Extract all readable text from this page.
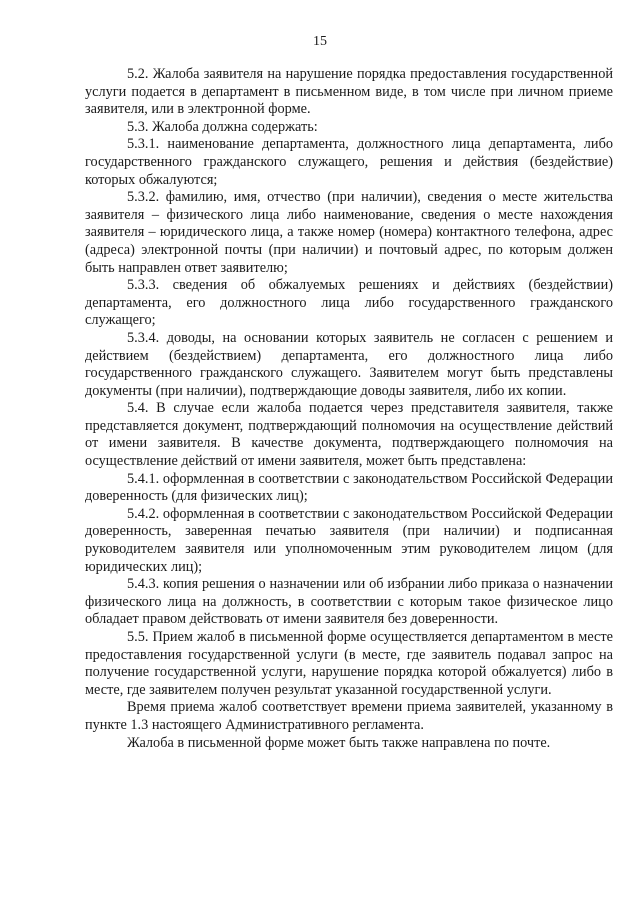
15

5.2. Жалоба заявителя на нарушение порядка предоставления государственной услуги подается в департамент в письменном виде, в том числе при личном приеме заявителя, или в электронной форме.

5.3. Жалоба должна содержать:

5.3.1. наименование департамента, должностного лица департамента, либо государственного гражданского служащего, решения и действия (бездействие) которых обжалуются;

5.3.2. фамилию, имя, отчество (при наличии), сведения о месте жительства заявителя – физического лица либо наименование, сведения о месте нахождения заявителя – юридического лица, а также номер (номера) контактного телефона, адрес (адреса) электронной почты (при наличии) и почтовый адрес, по которым должен быть направлен ответ заявителю;

5.3.3. сведения об обжалуемых решениях и действиях (бездействии) департамента, его должностного лица либо государственного гражданского служащего;

5.3.4. доводы, на основании которых заявитель не согласен с решением и действием (бездействием) департамента, его должностного лица либо государственного гражданского служащего. Заявителем могут быть представлены документы (при наличии), подтверждающие доводы заявителя, либо их копии.

5.4. В случае если жалоба подается через представителя заявителя, также представляется документ, подтверждающий полномочия на осуществление действий от имени заявителя. В качестве документа, подтверждающего полномочия на осуществление действий от имени заявителя, может быть представлена:

5.4.1. оформленная в соответствии с законодательством Российской Федерации доверенность (для физических лиц);

5.4.2. оформленная в соответствии с законодательством Российской Федерации доверенность, заверенная печатью заявителя (при наличии) и подписанная руководителем заявителя или уполномоченным этим руководителем лицом (для юридических лиц);

5.4.3. копия решения о назначении или об избрании либо приказа о назначении физического лица на должность, в соответствии с которым такое физическое лицо обладает правом действовать от имени заявителя без доверенности.

5.5. Прием жалоб в письменной форме осуществляется департаментом в месте предоставления государственной услуги (в месте, где заявитель подавал запрос на получение государственной услуги, нарушение порядка которой обжалуется) либо в месте, где заявителем получен результат указанной государственной услуги.

Время приема жалоб соответствует времени приема заявителей, указанному в пункте 1.3 настоящего Административного регламента.

Жалоба в письменной форме может быть также направлена по почте.
